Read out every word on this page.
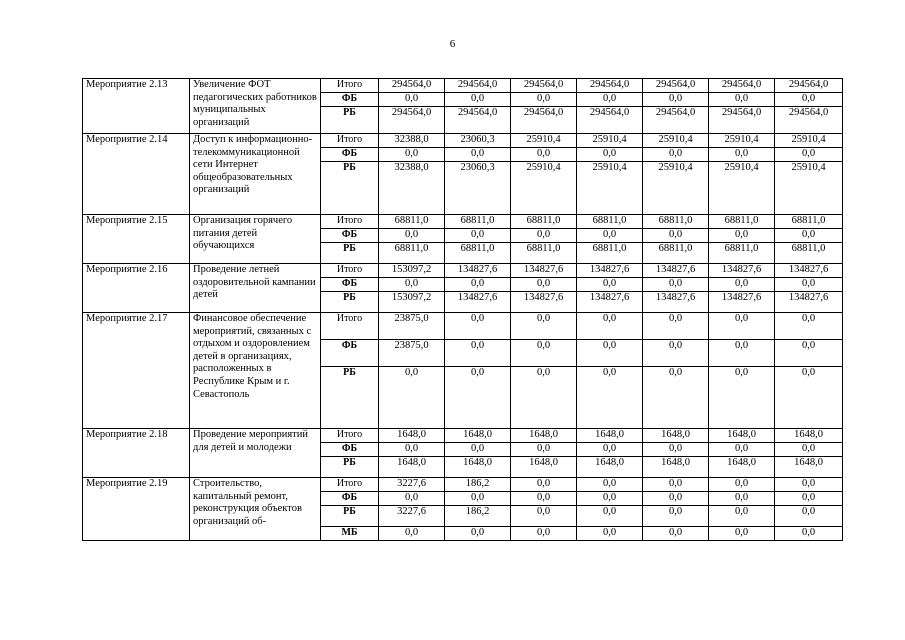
6
Мероприятие 2.13	Увеличение ФОТ педагогических работников муниципальных организаций	Итого	294564,0	294564,0	294564,0	294564,0	294564,0	294564,0	294564,0
		ФБ	0,0	0,0	0,0	0,0	0,0	0,0	0,0
		РБ	294564,0	294564,0	294564,0	294564,0	294564,0	294564,0	294564,0
Мероприятие 2.14	Доступ к информационно-телекоммуникационной сети Интернет общеобразовательных организаций	Итого	32388,0	23060,3	25910,4	25910,4	25910,4	25910,4	25910,4
		ФБ	0,0	0,0	0,0	0,0	0,0	0,0	0,0
		РБ	32388,0	23060,3	25910,4	25910,4	25910,4	25910,4	25910,4
Мероприятие 2.15	Организация горячего питания детей обучающихся	Итого	68811,0	68811,0	68811,0	68811,0	68811,0	68811,0	68811,0
		ФБ	0,0	0,0	0,0	0,0	0,0	0,0	0,0
		РБ	68811,0	68811,0	68811,0	68811,0	68811,0	68811,0	68811,0
Мероприятие 2.16	Проведение летней оздоровительной кампании детей	Итого	153097,2	134827,6	134827,6	134827,6	134827,6	134827,6	134827,6
		ФБ	0,0	0,0	0,0	0,0	0,0	0,0	0,0
		РБ	153097,2	134827,6	134827,6	134827,6	134827,6	134827,6	134827,6
Мероприятие 2.17	Финансовое обеспечение мероприятий, связанных с отдыхом и оздоровлением детей в организациях, расположенных в Республике Крым и г. Севастополь	Итого	23875,0	0,0	0,0	0,0	0,0	0,0	0,0
		ФБ	23875,0	0,0	0,0	0,0	0,0	0,0	0,0
		РБ	0,0	0,0	0,0	0,0	0,0	0,0	0,0
Мероприятие 2.18	Проведение мероприятий для детей и молодежи	Итого	1648,0	1648,0	1648,0	1648,0	1648,0	1648,0	1648,0
		ФБ	0,0	0,0	0,0	0,0	0,0	0,0	0,0
		РБ	1648,0	1648,0	1648,0	1648,0	1648,0	1648,0	1648,0
Мероприятие 2.19	Строительство, капитальный ремонт, реконструкция объектов организаций об-	Итого	3227,6	186,2	0,0	0,0	0,0	0,0	0,0
		ФБ	0,0	0,0	0,0	0,0	0,0	0,0	0,0
		РБ	3227,6	186,2	0,0	0,0	0,0	0,0	0,0
		МБ	0,0	0,0	0,0	0,0	0,0	0,0	0,0
